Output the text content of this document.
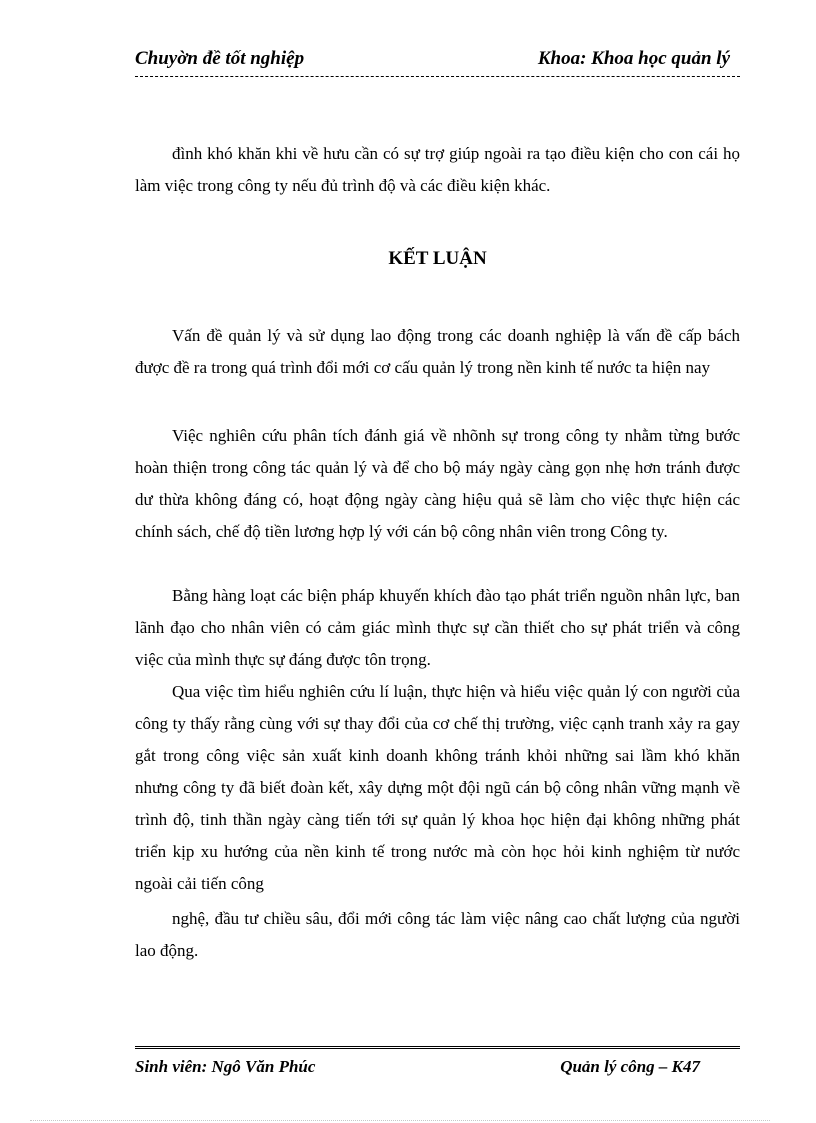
Chuyờn đề tốt nghiệp	Khoa: Khoa học quản lý

đình khó khăn khi về hưu cần có sự trợ giúp ngoài ra tạo điều kiện cho con cái họ làm việc trong công ty nếu đủ trình độ và các điều kiện khác.

KẾT LUẬN

Vấn đề quản lý và sử dụng lao động trong các doanh nghiệp là vấn đề cấp bách được đề ra trong quá trình đổi mới cơ cấu quản lý trong nền kinh tế nước ta hiện nay

Việc nghiên cứu phân tích đánh giá về nhõnh sự trong công ty nhằm từng bước hoàn thiện trong công tác quản lý và để cho bộ máy ngày càng gọn nhẹ hơn tránh được dư thừa không đáng có, hoạt động ngày càng hiệu quả sẽ làm cho việc thực hiện các chính sách, chế độ tiền lương hợp lý với cán bộ công nhân viên trong Công ty.

Bằng hàng loạt các biện pháp khuyến khích đào tạo phát triển nguồn nhân lực, ban lãnh đạo cho nhân viên có cảm giác mình thực sự cần thiết cho sự phát triển và công việc của mình thực sự đáng được tôn trọng.

Qua việc tìm hiểu nghiên cứu lí luận, thực hiện và hiểu việc quản lý con người của công ty thấy rằng cùng với sự thay đổi của cơ chế thị trường, việc cạnh tranh xảy ra gay gắt trong công việc sản xuất kinh doanh không tránh khỏi những sai lầm khó khăn nhưng công ty đã biết đoàn kết, xây dựng một đội ngũ cán bộ công nhân vững mạnh về trình độ, tinh thần ngày càng tiến tới sự quản lý khoa học hiện đại không những phát triển kịp xu hướng của nền kinh tế trong nước mà còn học hỏi kinh nghiệm từ nước ngoài cải tiến công

nghệ, đầu tư chiều sâu, đổi mới công tác làm việc nâng cao chất lượng của người lao động.

Sinh viên: Ngô Văn Phúc	Quản lý công – K47
